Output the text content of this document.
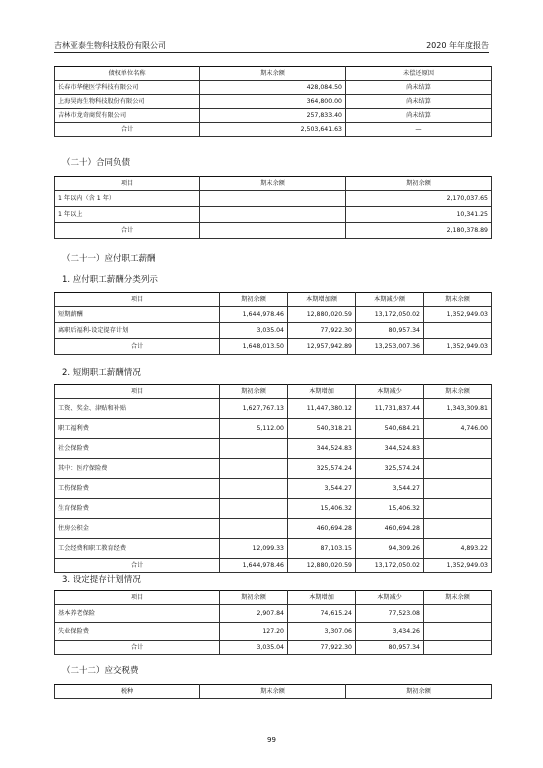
吉林亚泰生物科技股份有限公司	2020 年年度报告
债权单位名称	期末余额	未偿还原因
长春市华健医学科技有限公司	428,084.50	尚未结算
上海昊海生物科技股份有限公司	364,800.00	尚未结算
吉林市龙奇商贸有限公司	257,833.40	尚未结算
合计	2,503,641.63	—
（二十）合同负债
项目	期末余额	期初余额
1 年以内（含 1 年）		2,170,037.65
1 年以上		10,341.25
合计		2,180,378.89
（二十一）应付职工薪酬
1. 应付职工薪酬分类列示
项目	期初余额	本期增加额	本期减少额	期末余额
短期薪酬	1,644,978.46	12,880,020.59	13,172,050.02	1,352,949.03
离职后福利-设定提存计划	3,035.04	77,922.30	80,957.34	
合计	1,648,013.50	12,957,942.89	13,253,007.36	1,352,949.03
2. 短期职工薪酬情况
项目	期初余额	本期增加	本期减少	期末余额
工资、奖金、津贴和补贴	1,627,767.13	11,447,380.12	11,731,837.44	1,343,309.81
职工福利费	5,112.00	540,318.21	540,684.21	4,746.00
社会保险费		344,524.83	344,524.83	
其中：医疗保险费		325,574.24	325,574.24	
工伤保险费		3,544.27	3,544.27	
生育保险费		15,406.32	15,406.32	
住房公积金		460,694.28	460,694.28	
工会经费和职工教育经费	12,099.33	87,103.15	94,309.26	4,893.22
合计	1,644,978.46	12,880,020.59	13,172,050.02	1,352,949.03
3. 设定提存计划情况
项目	期初余额	本期增加	本期减少	期末余额
基本养老保险	2,907.84	74,615.24	77,523.08	
失业保险费	127.20	3,307.06	3,434.26	
合计	3,035.04	77,922.30	80,957.34	
（二十二）应交税费
税种	期末余额	期初余额
99
